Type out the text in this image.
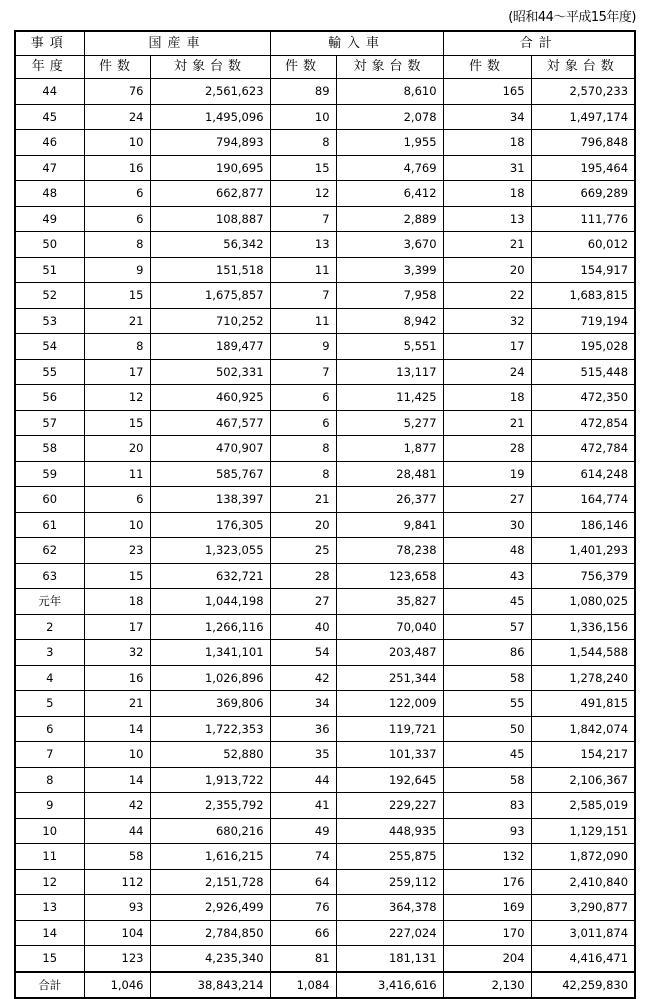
(昭和44～平成15年度)
事項	国産車		輸入車		合計	
年度	件数	対象台数	件数	対象台数	件数	対象台数
44	76	2,561,623	89	8,610	165	2,570,233
45	24	1,495,096	10	2,078	34	1,497,174
46	10	794,893	8	1,955	18	796,848
47	16	190,695	15	4,769	31	195,464
48	6	662,877	12	6,412	18	669,289
49	6	108,887	7	2,889	13	111,776
50	8	56,342	13	3,670	21	60,012
51	9	151,518	11	3,399	20	154,917
52	15	1,675,857	7	7,958	22	1,683,815
53	21	710,252	11	8,942	32	719,194
54	8	189,477	9	5,551	17	195,028
55	17	502,331	7	13,117	24	515,448
56	12	460,925	6	11,425	18	472,350
57	15	467,577	6	5,277	21	472,854
58	20	470,907	8	1,877	28	472,784
59	11	585,767	8	28,481	19	614,248
60	6	138,397	21	26,377	27	164,774
61	10	176,305	20	9,841	30	186,146
62	23	1,323,055	25	78,238	48	1,401,293
63	15	632,721	28	123,658	43	756,379
元年	18	1,044,198	27	35,827	45	1,080,025
2	17	1,266,116	40	70,040	57	1,336,156
3	32	1,341,101	54	203,487	86	1,544,588
4	16	1,026,896	42	251,344	58	1,278,240
5	21	369,806	34	122,009	55	491,815
6	14	1,722,353	36	119,721	50	1,842,074
7	10	52,880	35	101,337	45	154,217
8	14	1,913,722	44	192,645	58	2,106,367
9	42	2,355,792	41	229,227	83	2,585,019
10	44	680,216	49	448,935	93	1,129,151
11	58	1,616,215	74	255,875	132	1,872,090
12	112	2,151,728	64	259,112	176	2,410,840
13	93	2,926,499	76	364,378	169	3,290,877
14	104	2,784,850	66	227,024	170	3,011,874
15	123	4,235,340	81	181,131	204	4,416,471
合計	1,046	38,843,214	1,084	3,416,616	2,130	42,259,830
